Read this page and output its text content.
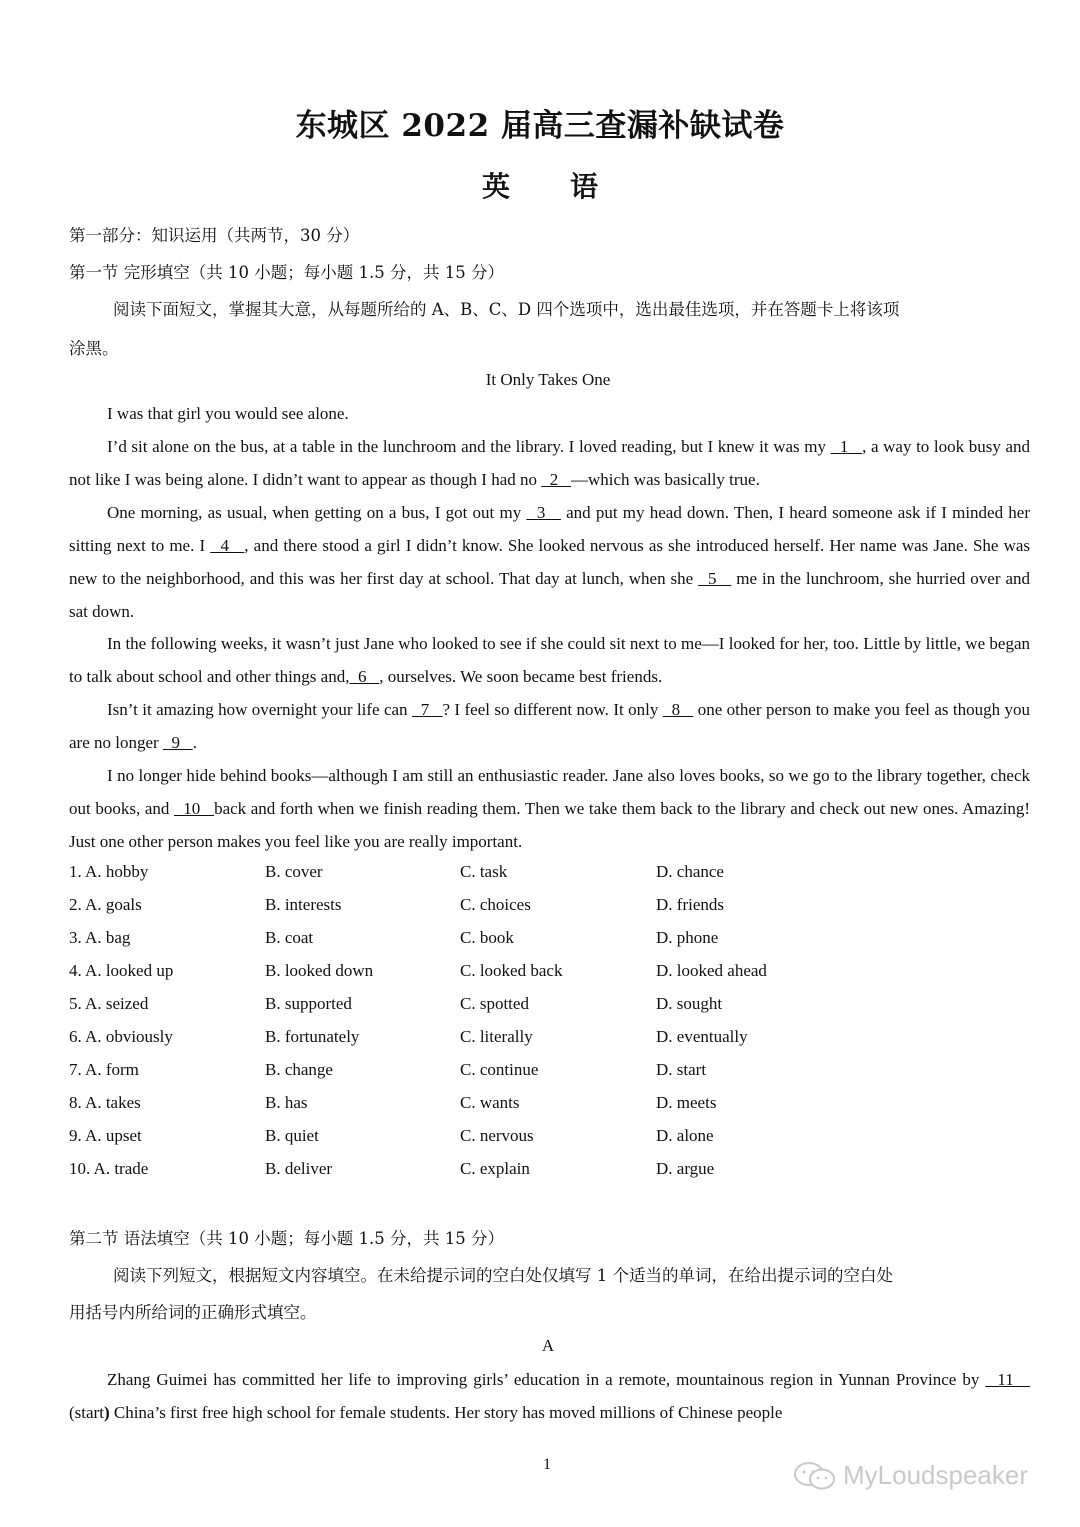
东城区 2022 届高三查漏补缺试卷
英 语
第一部分：知识运用（共两节，30 分）
第一节 完形填空（共 10 小题；每小题 1.5 分，共 15 分）
阅读下面短文，掌握其大意，从每题所给的 A、B、C、D 四个选项中，选出最佳选项，并在答题卡上将该项
涂黑。
It Only Takes One
I was that girl you would see alone.
I’d sit alone on the bus, at a table in the lunchroom and the library. I loved reading, but I knew it was my   1   , a way to look busy and not like I was being alone. I didn’t want to appear as though I had no   2   —which was basically true.
One morning, as usual, when getting on a bus, I got out my   3    and put my head down. Then, I heard someone ask if I minded her sitting next to me. I   4   , and there stood a girl I didn’t know. She looked nervous as she introduced herself. Her name was Jane. She was new to the neighborhood, and this was her first day at school. That day at lunch, when she   5    me in the lunchroom, she hurried over and sat down.
In the following weeks, it wasn’t just Jane who looked to see if she could sit next to me—I looked for her, too. Little by little, we began to talk about school and other things and,  6   , ourselves. We soon became best friends.
Isn’t it amazing how overnight your life can   7   ? I feel so different now. It only   8    one other person to make you feel as though you are no longer   9   .
I no longer hide behind books—although I am still an enthusiastic reader. Jane also loves books, so we go to the library together, check out books, and   10   back and forth when we finish reading them. Then we take them back to the library and check out new ones. Amazing! Just one other person makes you feel like you are really important.
1. A. hobby	B. cover	C. task	D. chance
2. A. goals	B. interests	C. choices	D. friends
3. A. bag	B. coat	C. book	D. phone
4. A. looked up	B. looked down	C. looked back	D. looked ahead
5. A. seized	B. supported	C. spotted	D. sought
6. A. obviously	B. fortunately	C. literally	D. eventually
7. A. form	B. change	C. continue	D. start
8. A. takes	B. has	C. wants	D. meets
9. A. upset	B. quiet	C. nervous	D. alone
10. A. trade	B. deliver	C. explain	D. argue
第二节 语法填空（共 10 小题；每小题 1.5 分，共 15 分）
阅读下列短文，根据短文内容填空。在未给提示词的空白处仅填写 1 个适当的单词，在给出提示词的空白处
用括号内所给词的正确形式填空。
A
Zhang Guimei has committed her life to improving girls’ education in a remote, mountainous region in Yunnan Province by   11    (start) China’s first free high school for female students. Her story has moved millions of Chinese people
1	MyLoudspeaker
